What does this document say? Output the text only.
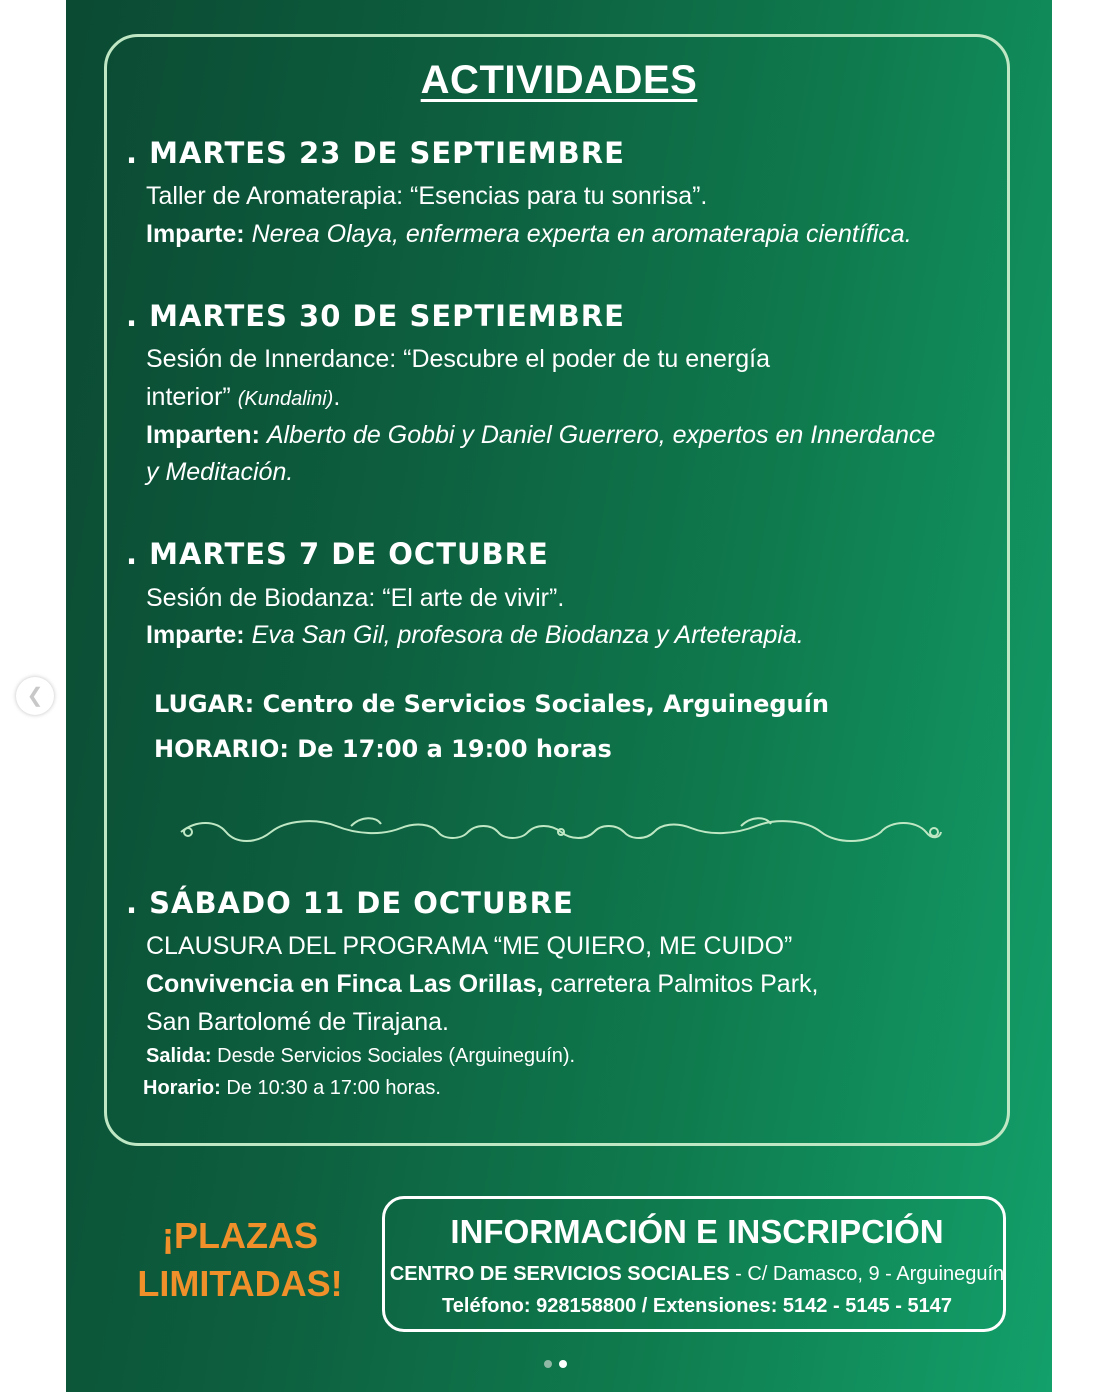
ACTIVIDADES
. MARTES 23 DE SEPTIEMBRE
Taller de Aromaterapia: “Esencias para tu sonrisa”.
Imparte: Nerea Olaya, enfermera experta en aromaterapia científica.
. MARTES 30 DE SEPTIEMBRE
Sesión de Innerdance: “Descubre el poder de tu energía
interior” (Kundalini).
Imparten: Alberto de Gobbi y Daniel Guerrero, expertos en Innerdance
y Meditación.
. MARTES 7 DE OCTUBRE
Sesión de Biodanza: “El arte de vivir”.
Imparte: Eva San Gil, profesora de Biodanza y Arteterapia.
LUGAR: Centro de Servicios Sociales, Arguineguín
HORARIO: De 17:00 a 19:00 horas
. SÁBADO 11 DE OCTUBRE
CLAUSURA DEL PROGRAMA “ME QUIERO, ME CUIDO”
Convivencia en Finca Las Orillas, carretera Palmitos Park,
San Bartolomé de Tirajana.
Salida: Desde Servicios Sociales (Arguineguín).
Horario: De 10:30 a 17:00 horas.
¡PLAZAS
LIMITADAS!
INFORMACIÓN E INSCRIPCIÓN
CENTRO DE SERVICIOS SOCIALES - C/ Damasco, 9 - Arguineguín
Teléfono: 928158800 / Extensiones: 5142 - 5145 - 5147
❮
